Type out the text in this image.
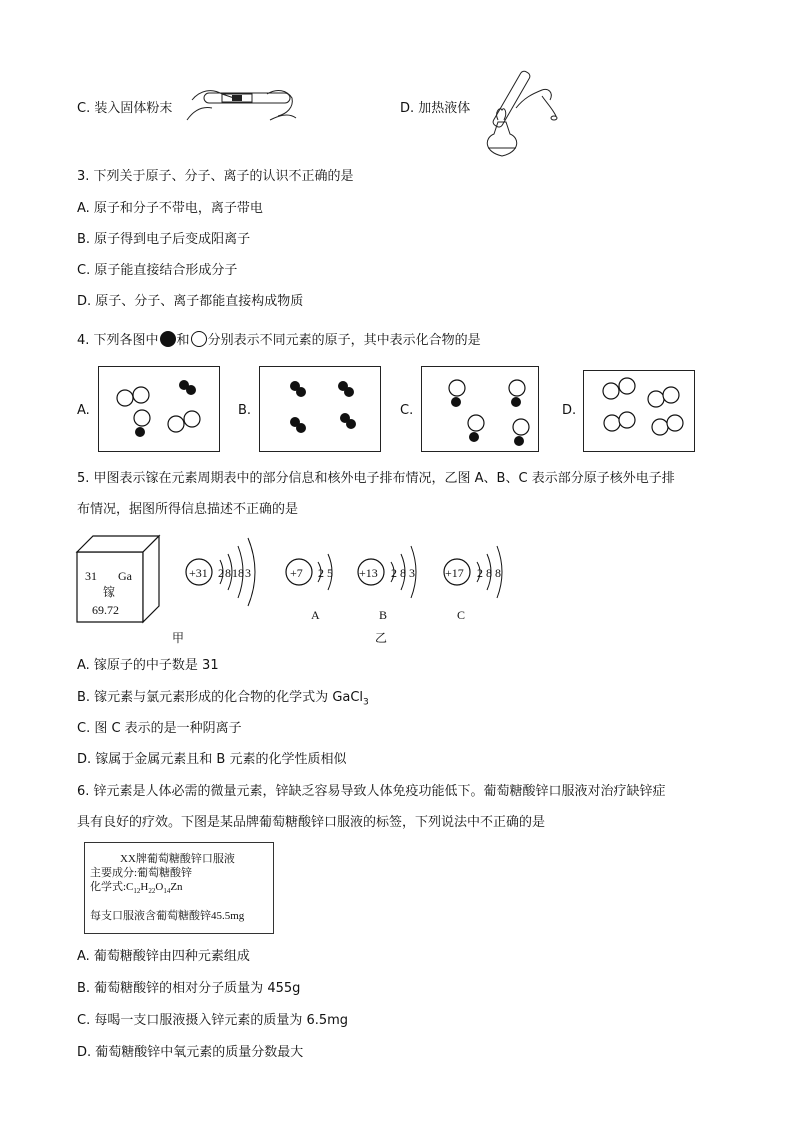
C. 装入固体粉末	D. 加热液体
3. 下列关于原子、分子、离子的认识不正确的是
A. 原子和分子不带电，离子带电
B. 原子得到电子后变成阳离子
C. 原子能直接结合形成分子
D. 原子、分子、离子都能直接构成物质
4. 下列各图中 和 分别表示不同元素的原子，其中表示化合物的是
A.	B.	C.	D.
5. 甲图表示镓在元素周期表中的部分信息和核外电子排布情况，乙图 A、B、C 表示部分原子核外电子排
布情况，据图所得信息描述不正确的是
31 Ga
镓
69.72
甲
+31 2 8 18 3	+7 2 5
A
+13 2 8 3
B
+17 2 8 8
C
乙
A. 镓原子的中子数是 31
B. 镓元素与氯元素形成的化合物的化学式为 GaCl$_3$
C. 图 C 表示的是一种阴离子
D. 镓属于金属元素且和 B 元素的化学性质相似
6. 锌元素是人体必需的微量元素，锌缺乏容易导致人体免疫功能低下。葡萄糖酸锌口服液对治疗缺锌症
具有良好的疗效。下图是某品牌葡萄糖酸锌口服液的标签，下列说法中不正确的是
XX牌葡萄糖酸锌口服液
主要成分:葡萄糖酸锌
化学式$:C_{12}H_{22}O_{14}Zn$
每支口服液含葡萄糖酸锌45.5mg
A. 葡萄糖酸锌由四种元素组成
B. 葡萄糖酸锌的相对分子质量为 455g
C. 每喝一支口服液摄入锌元素的质量为 6.5mg
D. 葡萄糖酸锌中氧元素的质量分数最大
